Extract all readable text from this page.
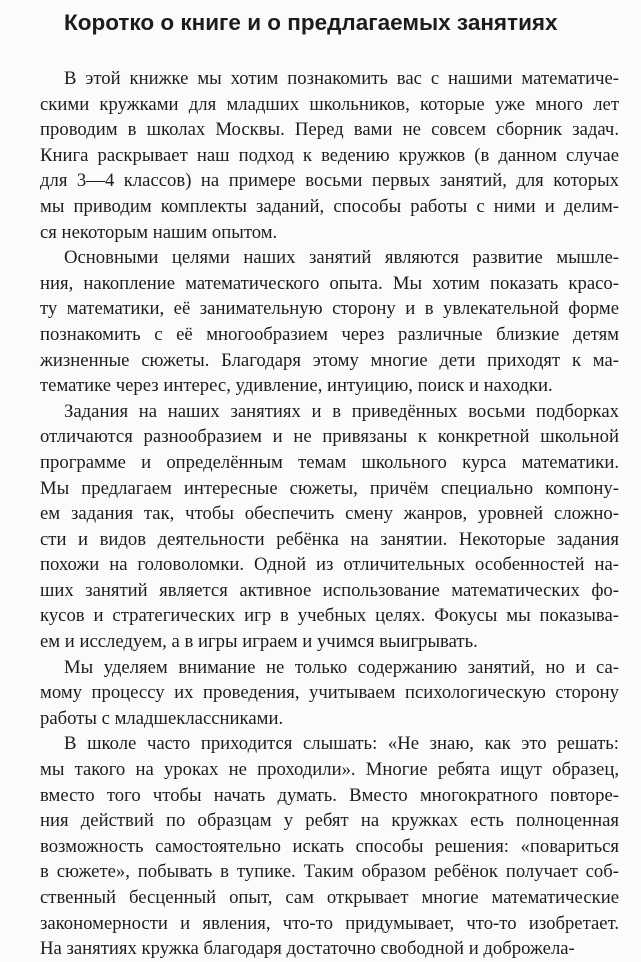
Коротко о книге и о предлагаемых занятиях

В этой книжке мы хотим познакомить вас с нашими математиче-
скими кружками для младших школьников, которые уже много лет
проводим в школах Москвы. Перед вами не совсем сборник задач.
Книга раскрывает наш подход к ведению кружков (в данном случае
для 3—4 классов) на примере восьми первых занятий, для которых
мы приводим комплекты заданий, способы работы с ними и делим-
ся некоторым нашим опытом.

Основными целями наших занятий являются развитие мышле-
ния, накопление математического опыта. Мы хотим показать красо-
ту математики, её занимательную сторону и в увлекательной форме
познакомить с её многообразием через различные близкие детям
жизненные сюжеты. Благодаря этому многие дети приходят к ма-
тематике через интерес, удивление, интуицию, поиск и находки.

Задания на наших занятиях и в приведённых восьми подборках
отличаются разнообразием и не привязаны к конкретной школьной
программе и определённым темам школьного курса математики.
Мы предлагаем интересные сюжеты, причём специально компону-
ем задания так, чтобы обеспечить смену жанров, уровней сложно-
сти и видов деятельности ребёнка на занятии. Некоторые задания
похожи на головоломки. Одной из отличительных особенностей на-
ших занятий является активное использование математических фо-
кусов и стратегических игр в учебных целях. Фокусы мы показыва-
ем и исследуем, а в игры играем и учимся выигрывать.

Мы уделяем внимание не только содержанию занятий, но и са-
мому процессу их проведения, учитываем психологическую сторону
работы с младшеклассниками.

В школе часто приходится слышать: «Не знаю, как это решать:
мы такого на уроках не проходили». Многие ребята ищут образец,
вместо того чтобы начать думать. Вместо многократного повторе-
ния действий по образцам у ребят на кружках есть полноценная
возможность самостоятельно искать способы решения: «повариться
в сюжете», побывать в тупике. Таким образом ребёнок получает соб-
ственный бесценный опыт, сам открывает многие математические
закономерности и явления, что-то придумывает, что-то изобретает.
На занятиях кружка благодаря достаточно свободной и доброжела-
